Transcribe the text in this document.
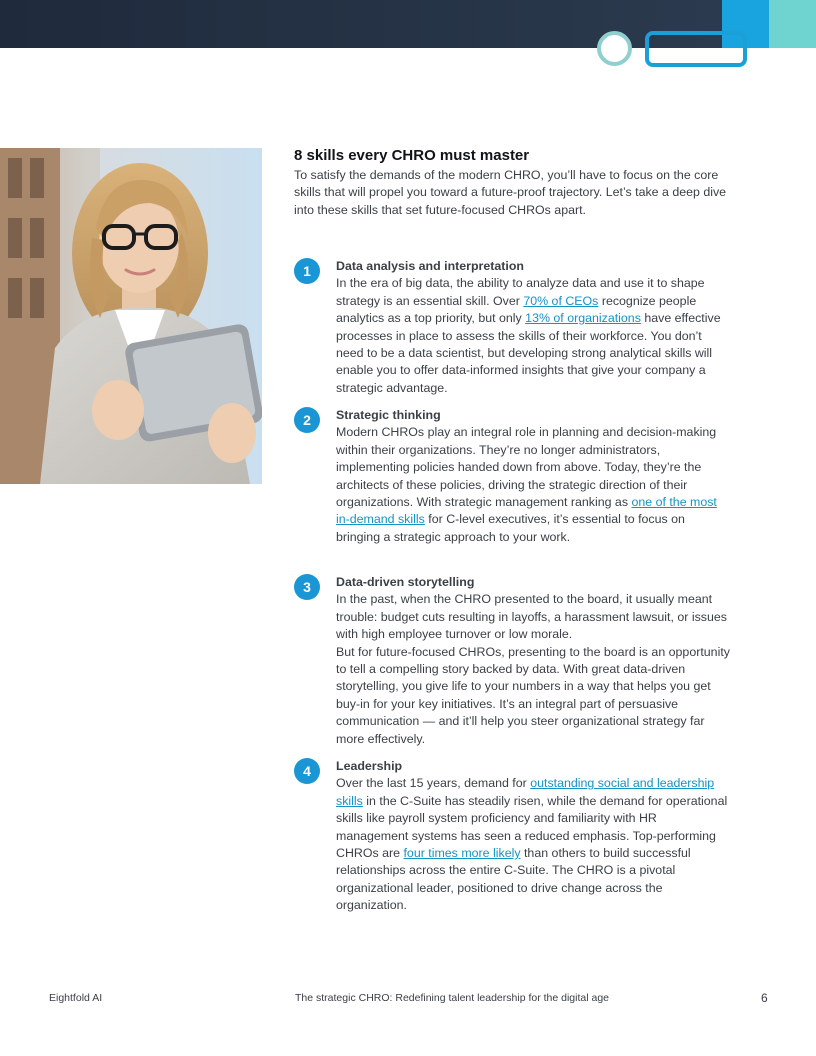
8 skills every CHRO must master

To satisfy the demands of the modern CHRO, you’ll have to focus on the core skills that will propel you toward a future-proof trajectory. Let’s take a deep dive into these skills that set future-focused CHROs apart.

1	Data analysis and interpretation

In the era of big data, the ability to analyze data and use it to shape strategy is an essential skill. Over 70% of CEOs recognize people analytics as a top priority, but only 13% of organizations have effective processes in place to assess the skills of their workforce. You don’t need to be a data scientist, but developing strong analytical skills will enable you to offer data-informed insights that give your company a strategic advantage.

2	Strategic thinking

Modern CHROs play an integral role in planning and decision-making within their organizations. They’re no longer administrators, implementing policies handed down from above. Today, they’re the architects of these policies, driving the strategic direction of their organizations. With strategic management ranking as one of the most in-demand skills for C-level executives, it’s essential to focus on bringing a strategic approach to your work.

3	Data-driven storytelling

In the past, when the CHRO presented to the board, it usually meant trouble: budget cuts resulting in layoffs, a harassment lawsuit, or issues with high employee turnover or low morale.

But for future-focused CHROs, presenting to the board is an opportunity to tell a compelling story backed by data. With great data-driven storytelling, you give life to your numbers in a way that helps you get buy-in for your key initiatives. It’s an integral part of persuasive communication — and it’ll help you steer organizational strategy far more effectively.

4	Leadership

Over the last 15 years, demand for outstanding social and leadership skills in the C-Suite has steadily risen, while the demand for operational skills like payroll system proficiency and familiarity with HR management systems has seen a reduced emphasis. Top-performing CHROs are four times more likely than others to build successful relationships across the entire C-Suite. The CHRO is a pivotal organizational leader, positioned to drive change across the organization.

Eightfold AI	The strategic CHRO: Redefining talent leadership for the digital age	6
